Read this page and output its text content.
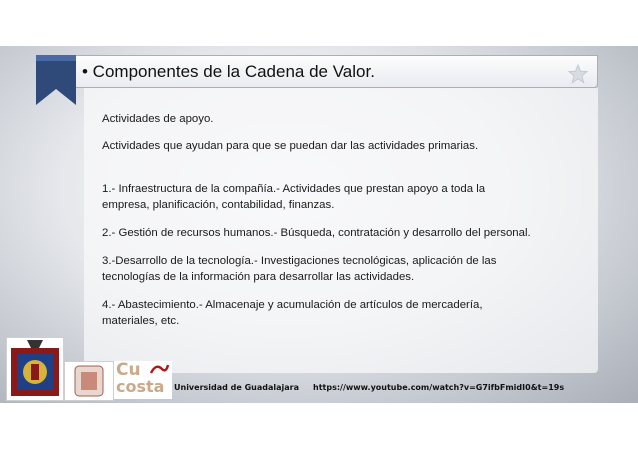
• Componentes de la Cadena de Valor.
Actividades de apoyo.
Actividades que ayudan para que se puedan dar las actividades primarias.
1.- Infraestructura de la compañía.- Actividades que prestan apoyo a toda la
empresa, planificación, contabilidad, finanzas.
2.- Gestión de recursos humanos.- Búsqueda, contratación y desarrollo del personal.
3.-Desarrollo de la tecnología.- Investigaciones tecnológicas, aplicación de las
tecnologías de la información para desarrollar las actividades.
4.- Abastecimiento.- Almacenaje y acumulación de artículos de mercadería,
materiales, etc.
Cu
costa Universidad de Guadalajara https://www.youtube.com/watch?v=G7ifbFmidI0&t=19s
